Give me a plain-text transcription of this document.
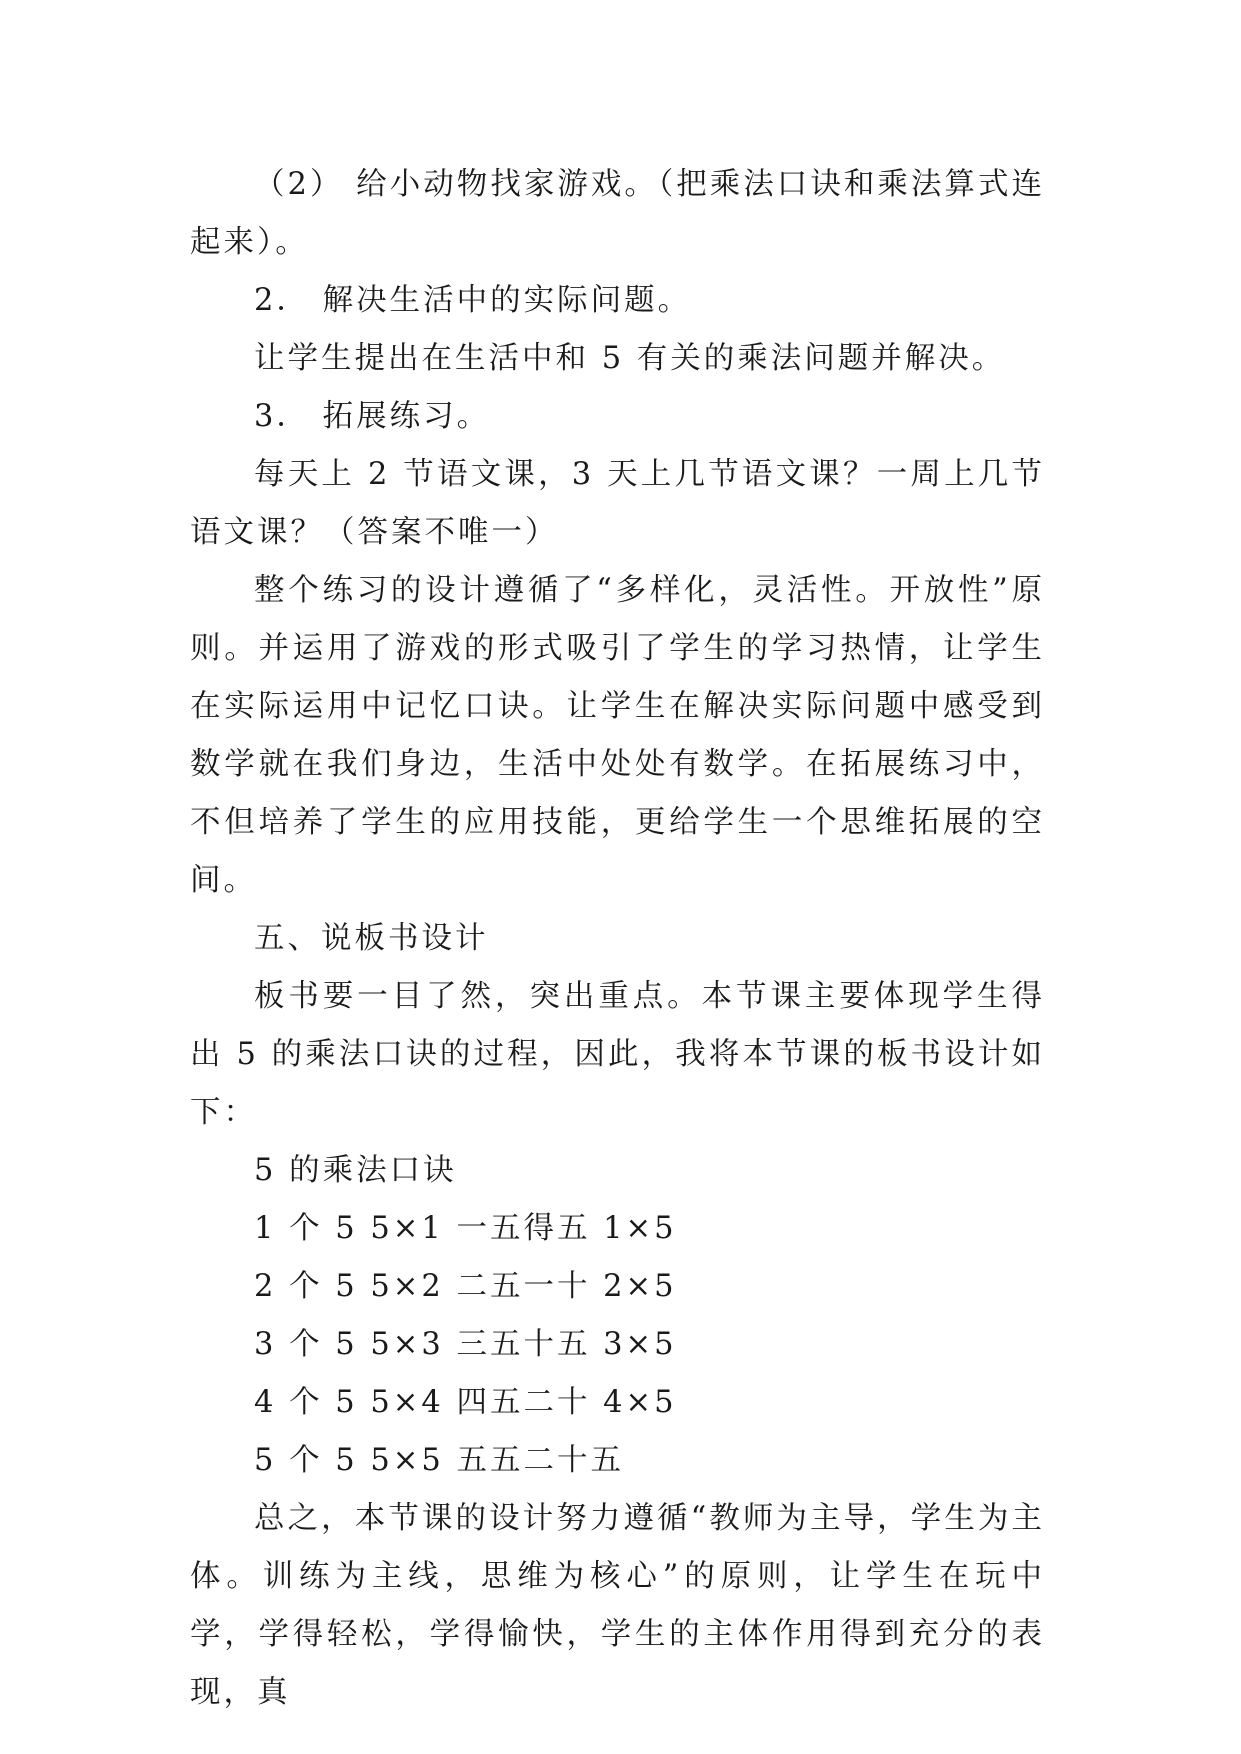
（2） 给小动物找家游戏。（把乘法口诀和乘法算式连起来）。

2． 解决生活中的实际问题。

让学生提出在生活中和 5 有关的乘法问题并解决。

3． 拓展练习。

每天上 2 节语文课，3 天上几节语文课？一周上几节语文课？（答案不唯一）

整个练习的设计遵循了“多样化，灵活性。开放性”原则。并运用了游戏的形式吸引了学生的学习热情，让学生在实际运用中记忆口诀。让学生在解决实际问题中感受到数学就在我们身边，生活中处处有数学。在拓展练习中，不但培养了学生的应用技能，更给学生一个思维拓展的空间。

五、说板书设计

板书要一目了然，突出重点。本节课主要体现学生得出 5 的乘法口诀的过程，因此，我将本节课的板书设计如下：

5 的乘法口诀

1 个 5 5×1 一五得五 1×5

2 个 5 5×2 二五一十 2×5

3 个 5 5×3 三五十五 3×5

4 个 5 5×4 四五二十 4×5

5 个 5 5×5 五五二十五

总之，本节课的设计努力遵循“教师为主导，学生为主体。训练为主线，思维为核心”的原则，让学生在玩中学，学得轻松，学得愉快，学生的主体作用得到充分的表现，真
